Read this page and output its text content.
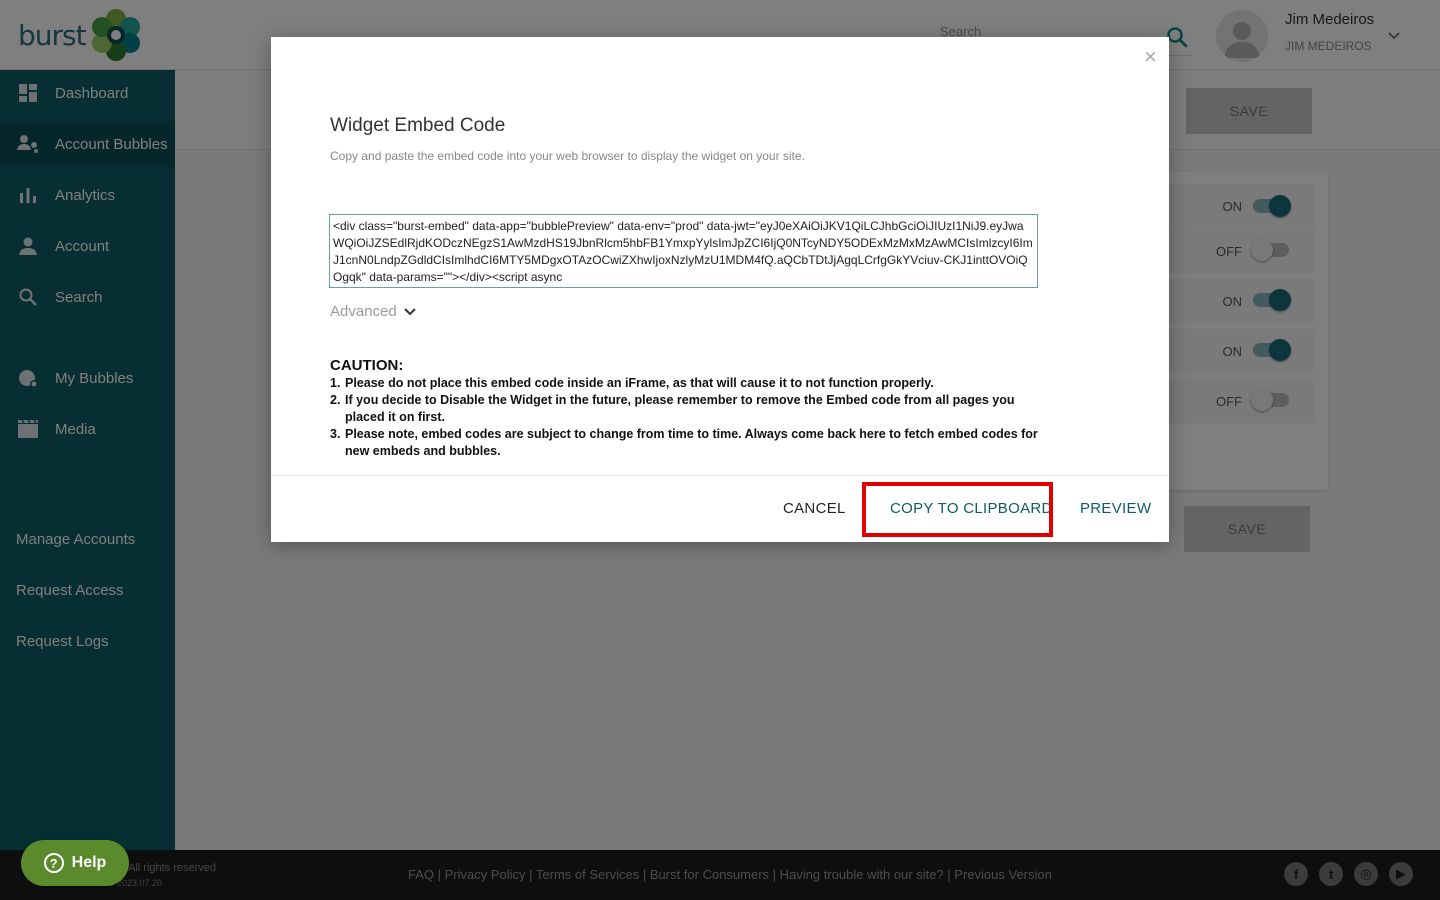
Search
×
Widget Embed Code
Copy and paste the embed code into your web browser to display the widget on your site.
<div class="burst-embed" data-app="bubblePreview" data-env="prod" data-jwt="eyJ0eXAiOiJKV1QiLCJhbGciOiJIUzI1NiJ9.eyJwaWQiOiJZSEdlRjdKODczNEgzS1AwMzdHS19JbnRlcm5hbFB1YmxpYylsImJpZCI6IjQ0NTcyNDY5ODExMzMxMzAwMCIsImlzcyI6ImJ1cnN0LndpZGdldCIsImlhdCI6MTY5MDgxOTAzOCwiZXhwIjoxNzlyMzU1MDM4fQ.aQCbTDtJjAgqLCrfgGkYVciuv-CKJ1inttOVOiQOgqk" data-params=""></div><script async
Advanced
CAUTION:
1. Please do not place this embed code inside an iFrame, as that will cause it to not function properly.
2. If you decide to Disable the Widget in the future, please remember to remove the Embed code from all pages you placed it on first.
3. Please note, embed codes are subject to change from time to time. Always come back here to fetch embed codes for new embeds and bubbles.
CANCEL	COPY TO CLIPBOARD PREVIEW
? Help
